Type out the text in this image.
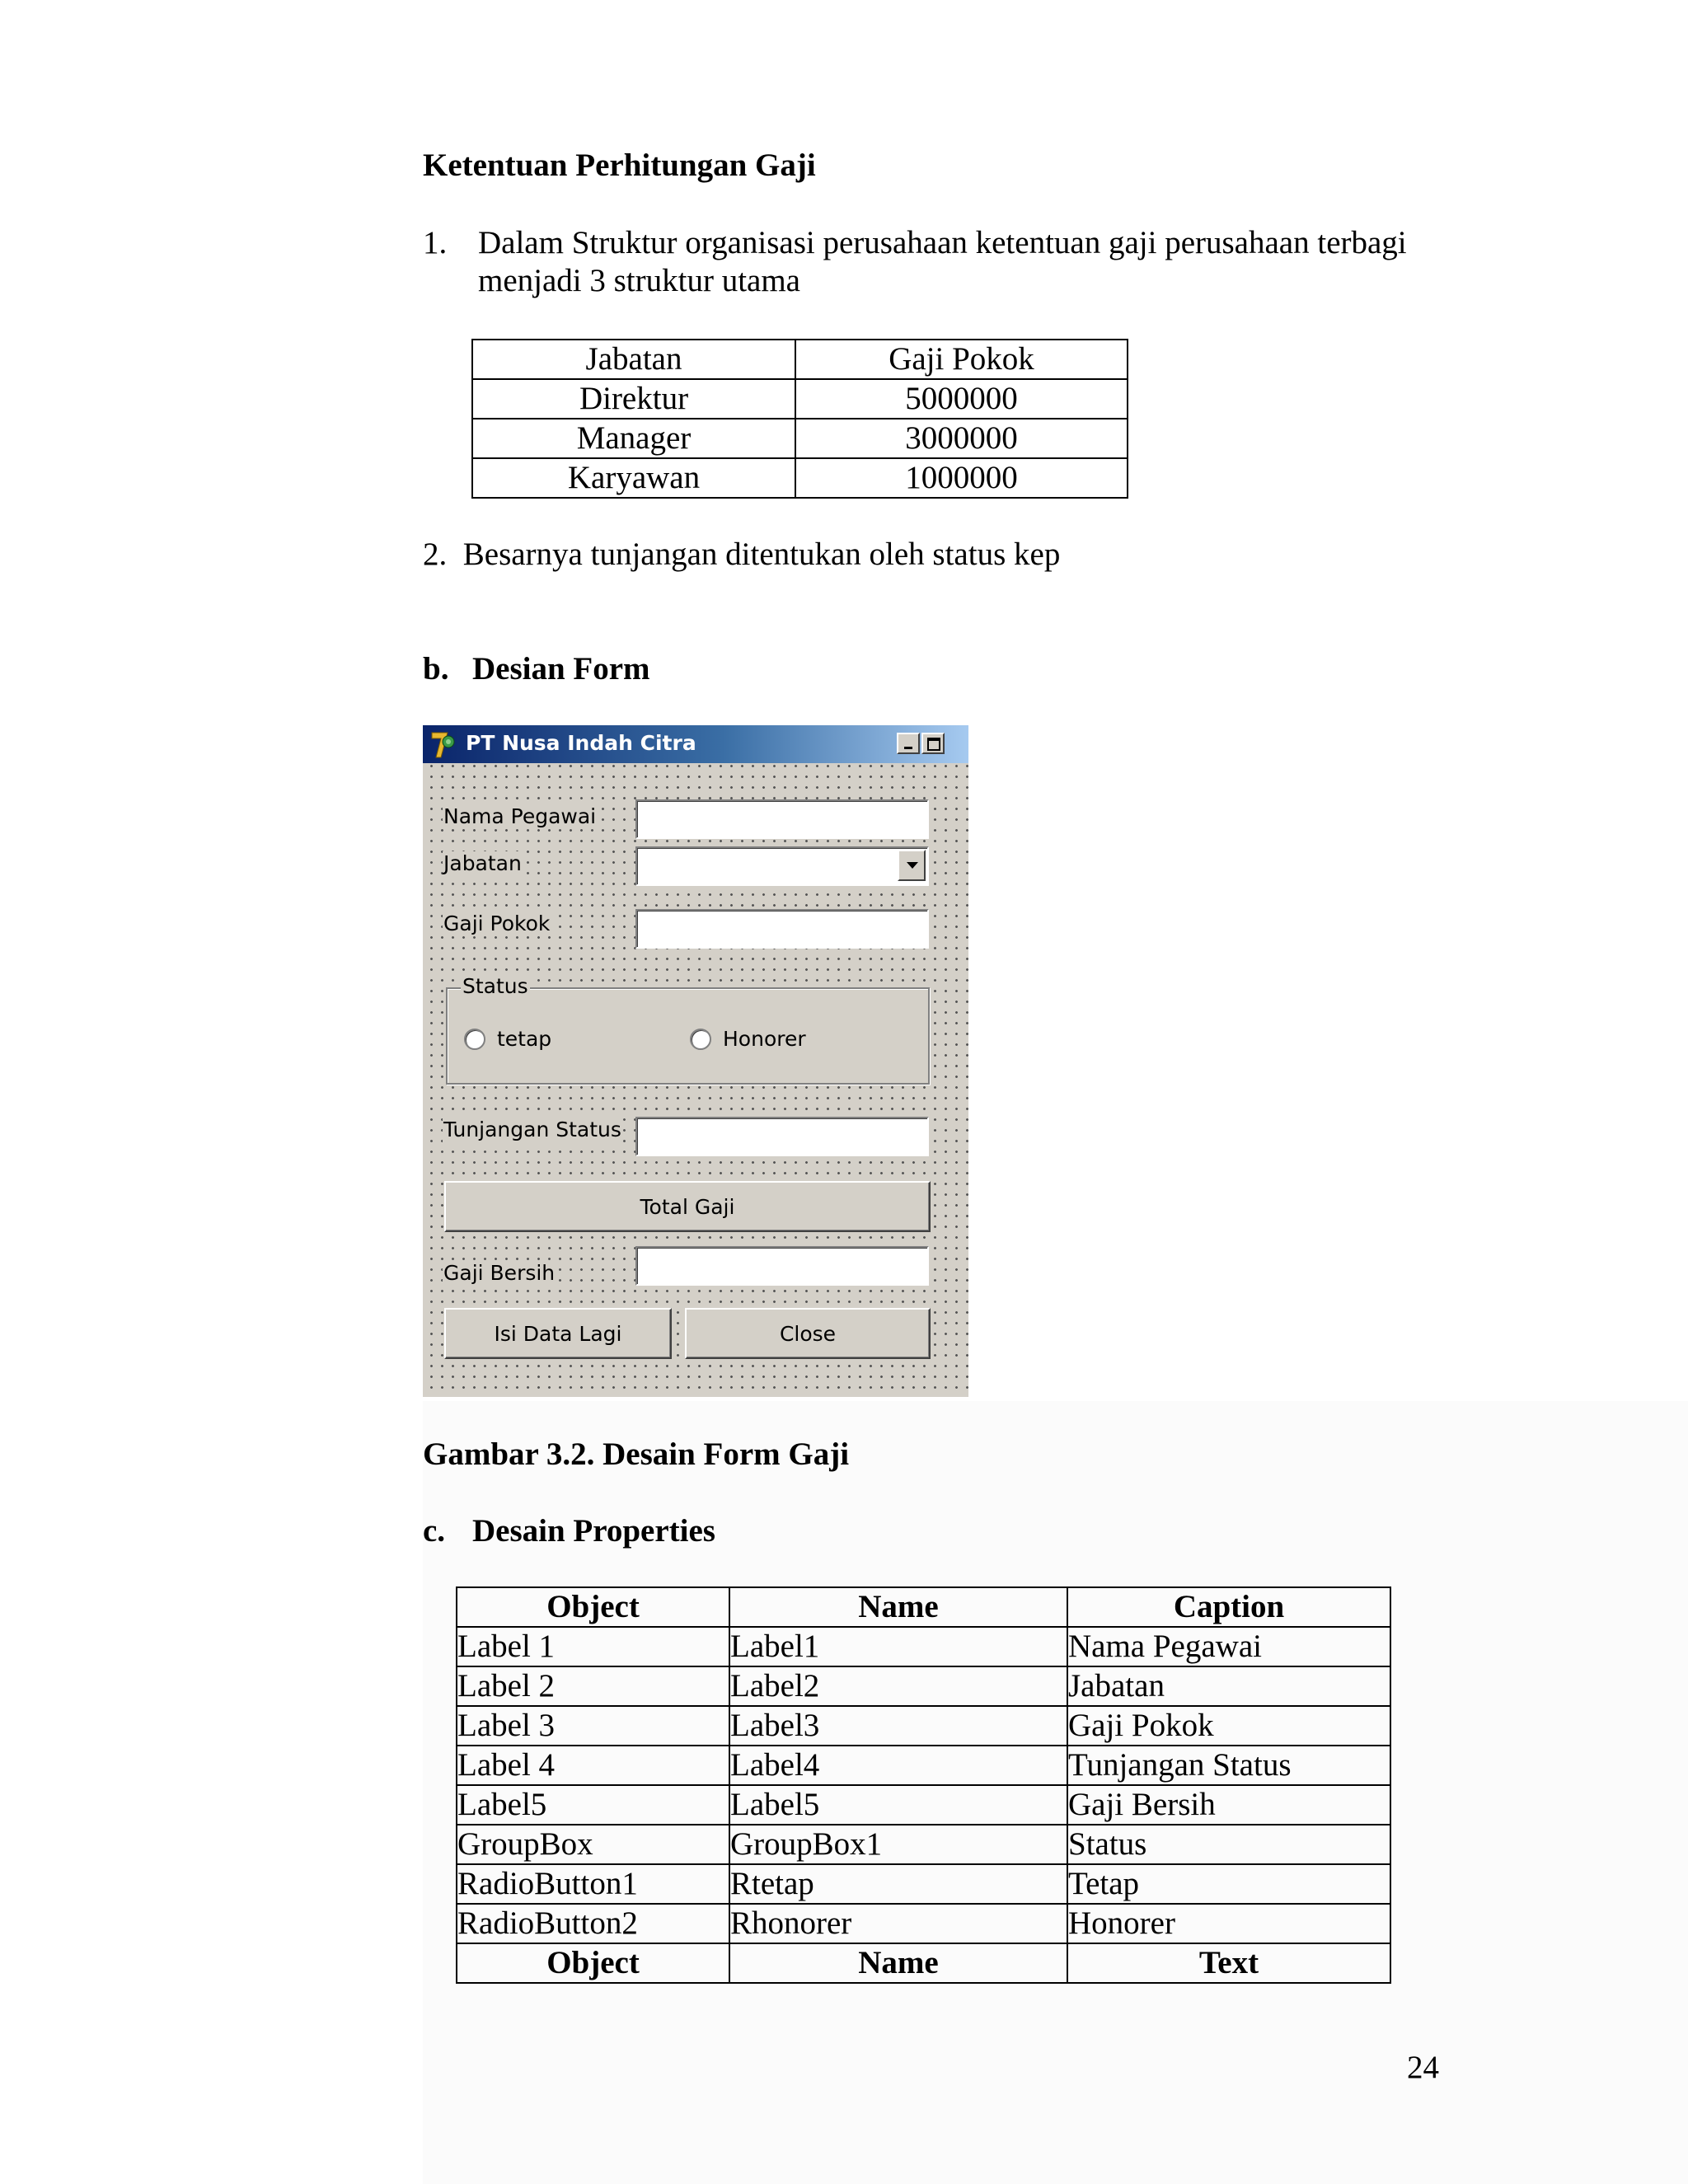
Ketentuan Perhitungan Gaji
1. Dalam Struktur organisasi perusahaan ketentuan gaji perusahaan terbagi menjadi 3 struktur utama
Jabatan	Gaji Pokok
Direktur	5000000
Manager	3000000
Karyawan	1000000
2.  Besarnya tunjangan ditentukan oleh status kep
b. Desian Form
PT Nusa Indah Citra
Nama Pegawai
Jabatan
Gaji Pokok
Status
tetap	Honorer
Tunjangan Status
Total Gaji
Gaji Bersih
Isi Data Lagi	Close
Gambar 3.2. Desain Form Gaji
c. Desain Properties
Object	Name	Caption
Label 1	Label1	Nama Pegawai
Label 2	Label2	Jabatan
Label 3	Label3	Gaji Pokok
Label 4	Label4	Tunjangan Status
Label5	Label5	Gaji Bersih
GroupBox	GroupBox1	Status
RadioButton1	Rtetap	Tetap
RadioButton2	Rhonorer	Honorer
Object	Name	Text
24
